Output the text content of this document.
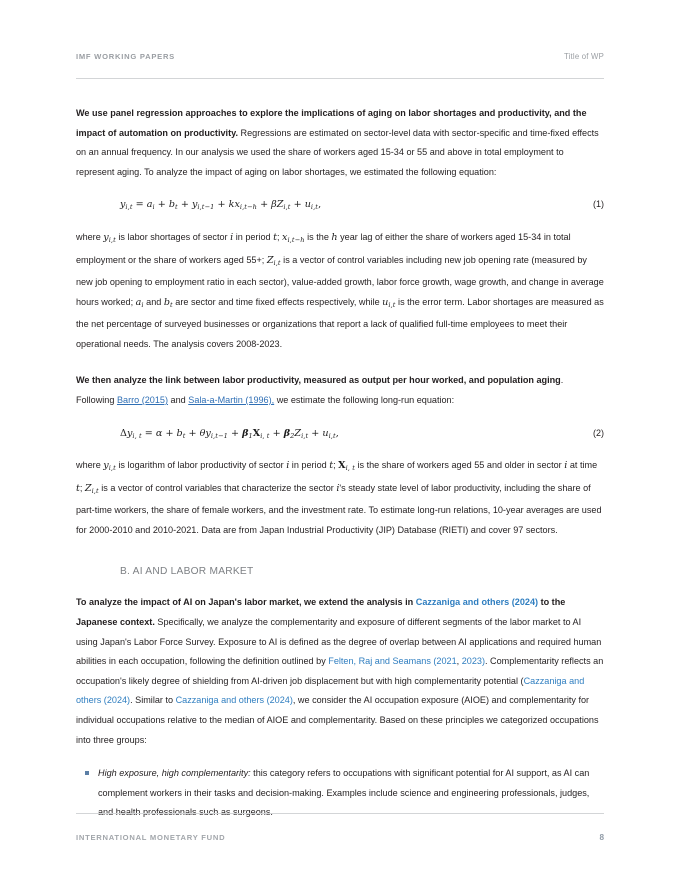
IMF WORKING PAPERS	Title of WP

We use panel regression approaches to explore the implications of aging on labor shortages and productivity, and the impact of automation on productivity. Regressions are estimated on sector-level data with sector-specific and time-fixed effects on an annual frequency. In our analysis we used the share of workers aged 15-34 or 55 and above in total employment to represent aging. To analyze the impact of aging on labor shortages, we estimated the following equation:

$y_{i,t} = a_i + b_t + y_{i,t-1} + kx_{i,t-h} + \beta Z_{i,t} + u_{i,t}$,	(1)

where $y_{i,t}$ is labor shortages of sector i in period t; $x_{i,t-h}$ is the h year lag of either the share of workers aged 15-34 in total employment or the share of workers aged 55+; $Z_{i,t}$ is a vector of control variables including new job opening rate (measured by new job opening to employment ratio in each sector), value-added growth, labor force growth, wage growth, and change in average hours worked; $a_i$ and $b_t$ are sector and time fixed effects respectively, while $u_{i,t}$ is the error term. Labor shortages are measured as the net percentage of surveyed businesses or organizations that report a lack of qualified full-time employees to meet their operational needs. The analysis covers 2008-2023.

We then analyze the link between labor productivity, measured as output per hour worked, and population aging. Following Barro (2015) and Sala-a-Martin (1996), we estimate the following long-run equation:

$\Delta y_{i, t} = \alpha + b_t + \theta y_{i,t-1} + \beta_1X_{i, t} + \beta_2Z_{i,t} + u_{i,t}$,	(2)

where $y_{i,t}$ is logarithm of labor productivity of sector i in period t; $X_{i, t}$ is the share of workers aged 55 and older in sector i at time t; $Z_{i,t}$ is a vector of control variables that characterize the sector i's steady state level of labor productivity, including the share of part-time workers, the share of female workers, and the investment rate. To estimate long-run relations, 10-year averages are used for 2000-2010 and 2010-2021. Data are from Japan Industrial Productivity (JIP) Database (RIETI) and cover 97 sectors.

B. AI AND LABOR MARKET

To analyze the impact of AI on Japan's labor market, we extend the analysis in Cazzaniga and others (2024) to the Japanese context. Specifically, we analyze the complementarity and exposure of different segments of the labor market to AI using Japan's Labor Force Survey. Exposure to AI is defined as the degree of overlap between AI applications and required human abilities in each occupation, following the definition outlined by Felten, Raj and Seamans (2021, 2023). Complementarity reflects an occupation's likely degree of shielding from AI-driven job displacement but with high complementarity potential (Cazzaniga and others (2024). Similar to Cazzaniga and others (2024), we consider the AI occupation exposure (AIOE) and complementarity for individual occupations relative to the median of AIOE and complementarity. Based on these principles we categorized occupations into three groups:

High exposure, high complementarity: this category refers to occupations with significant potential for AI support, as AI can complement workers in their tasks and decision-making. Examples include science and engineering professionals, judges, and health professionals such as surgeons.
INTERNATIONAL MONETARY FUND	8
